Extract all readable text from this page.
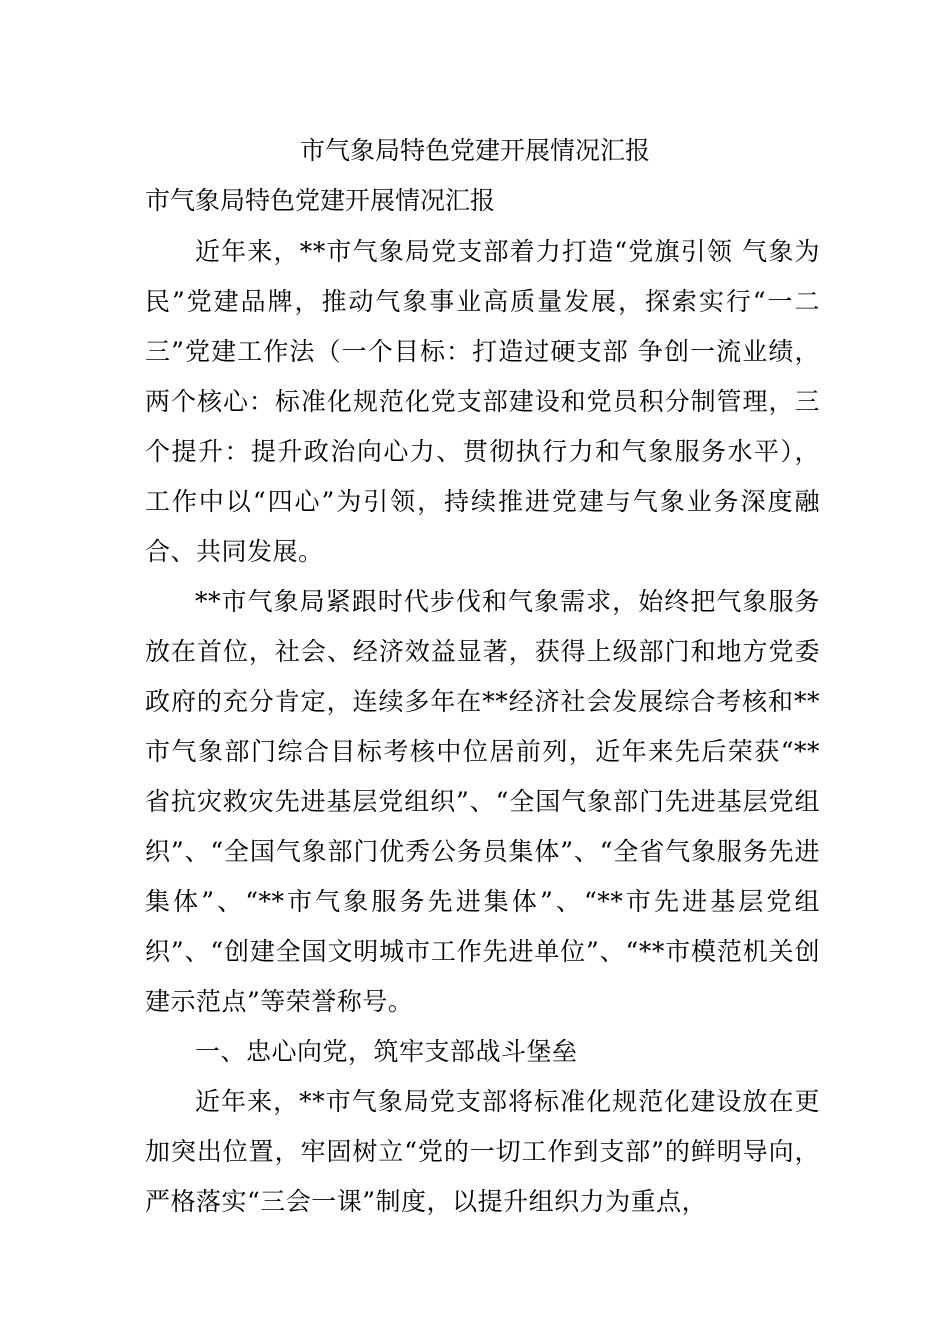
市气象局特色党建开展情况汇报
市气象局特色党建开展情况汇报

近年来，**市气象局党支部着力打造“党旗引领 气象为民”党建品牌，推动气象事业高质量发展，探索实行“一二三”党建工作法（一个目标：打造过硬支部 争创一流业绩，两个核心：标准化规范化党支部建设和党员积分制管理，三个提升：提升政治向心力、贯彻执行力和气象服务水平），工作中以“四心”为引领，持续推进党建与气象业务深度融合、共同发展。

**市气象局紧跟时代步伐和气象需求，始终把气象服务放在首位，社会、经济效益显著，获得上级部门和地方党委政府的充分肯定，连续多年在**经济社会发展综合考核和**市气象部门综合目标考核中位居前列，近年来先后荣获“**省抗灾救灾先进基层党组织”、“全国气象部门先进基层党组织”、“全国气象部门优秀公务员集体”、“全省气象服务先进集体”、“**市气象服务先进集体”、“**市先进基层党组织”、“创建全国文明城市工作先进单位”、“**市模范机关创建示范点”等荣誉称号。

一、忠心向党，筑牢支部战斗堡垒

近年来，**市气象局党支部将标准化规范化建设放在更加突出位置，牢固树立“党的一切工作到支部”的鲜明导向，严格落实“三会一课”制度，以提升组织力为重点，
